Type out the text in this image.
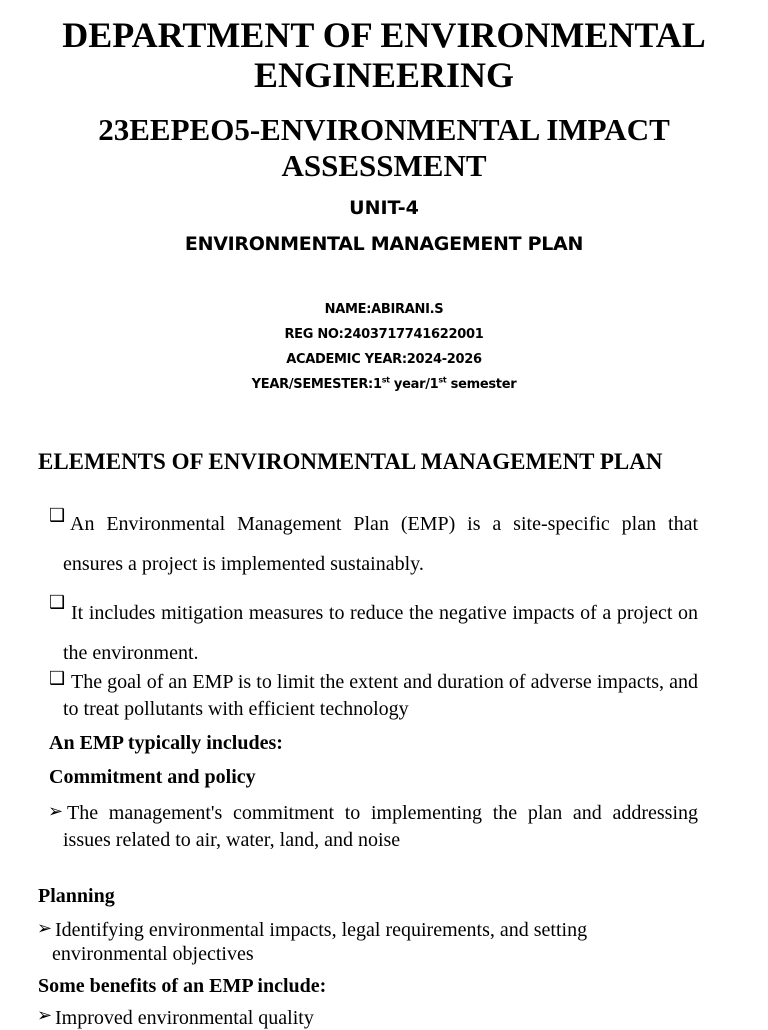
DEPARTMENT OF ENVIRONMENTAL ENGINEERING
23EEPEO5-ENVIRONMENTAL IMPACT ASSESSMENT
UNIT-4
ENVIRONMENTAL MANAGEMENT PLAN
NAME:ABIRANI.S
REG NO:2403717741622001
ACADEMIC YEAR:2024-2026
YEAR/SEMESTER:1st year/1st semester
ELEMENTS OF ENVIRONMENTAL MANAGEMENT PLAN
❑ An Environmental Management Plan (EMP) is a site-specific plan that ensures a project is implemented sustainably.
❑ It includes mitigation measures to reduce the negative impacts of a project on the environment.
❑ The goal of an EMP is to limit the extent and duration of adverse impacts, and to treat pollutants with efficient technology
An EMP typically includes:
Commitment and policy
➢ The management's commitment to implementing the plan and addressing issues related to air, water, land, and noise
Planning
➢ Identifying environmental impacts, legal requirements, and setting environmental objectives
Some benefits of an EMP include:
➢ Improved environmental quality
